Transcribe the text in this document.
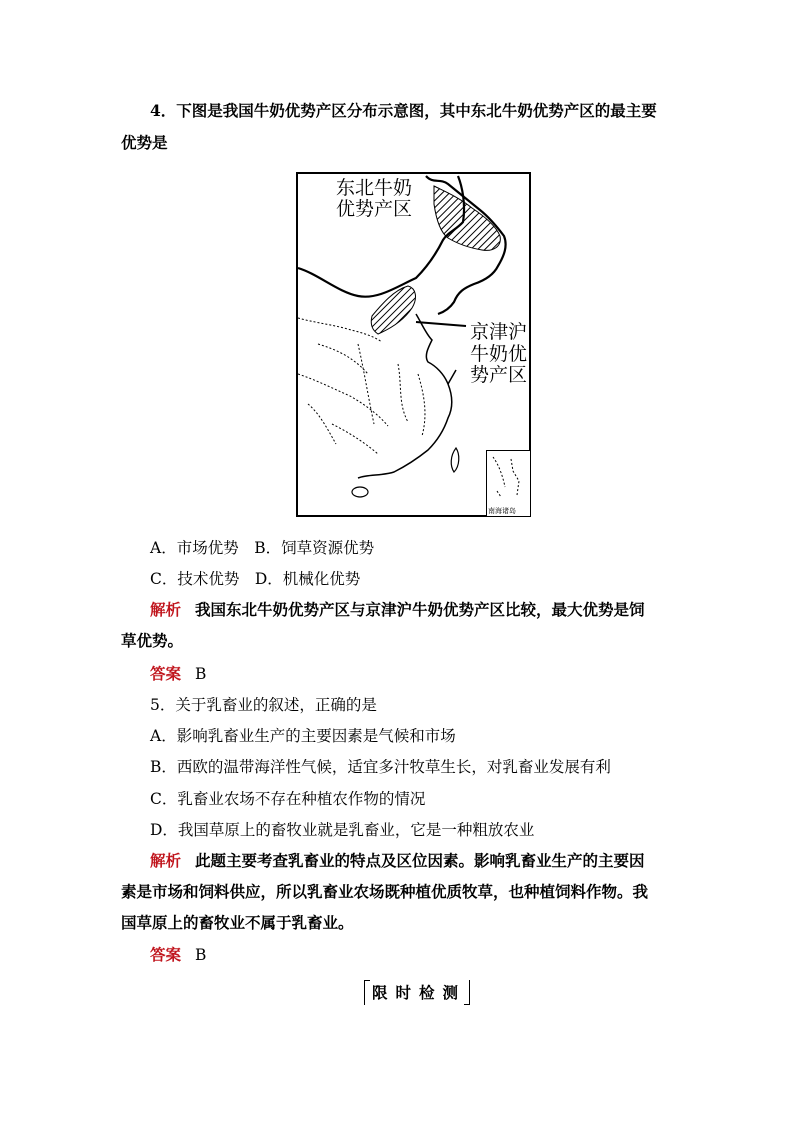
4．下图是我国牛奶优势产区分布示意图，其中东北牛奶优势产区的最主要
优势是
东北牛奶
优势产区
京津沪
牛奶优
势产区
南海诸岛
A．市场优势　B．饲草资源优势
C．技术优势　D．机械化优势
解析 我国东北牛奶优势产区与京津沪牛奶优势产区比较，最大优势是饲
草优势。
答案 B
5．关于乳畜业的叙述，正确的是
A．影响乳畜业生产的主要因素是气候和市场
B．西欧的温带海洋性气候，适宜多汁牧草生长，对乳畜业发展有利
C．乳畜业农场不存在种植农作物的情况
D．我国草原上的畜牧业就是乳畜业，它是一种粗放农业
解析 此题主要考查乳畜业的特点及区位因素。影响乳畜业生产的主要因
素是市场和饲料供应，所以乳畜业农场既种植优质牧草，也种植饲料作物。我
国草原上的畜牧业不属于乳畜业。
答案 B
限时检测
